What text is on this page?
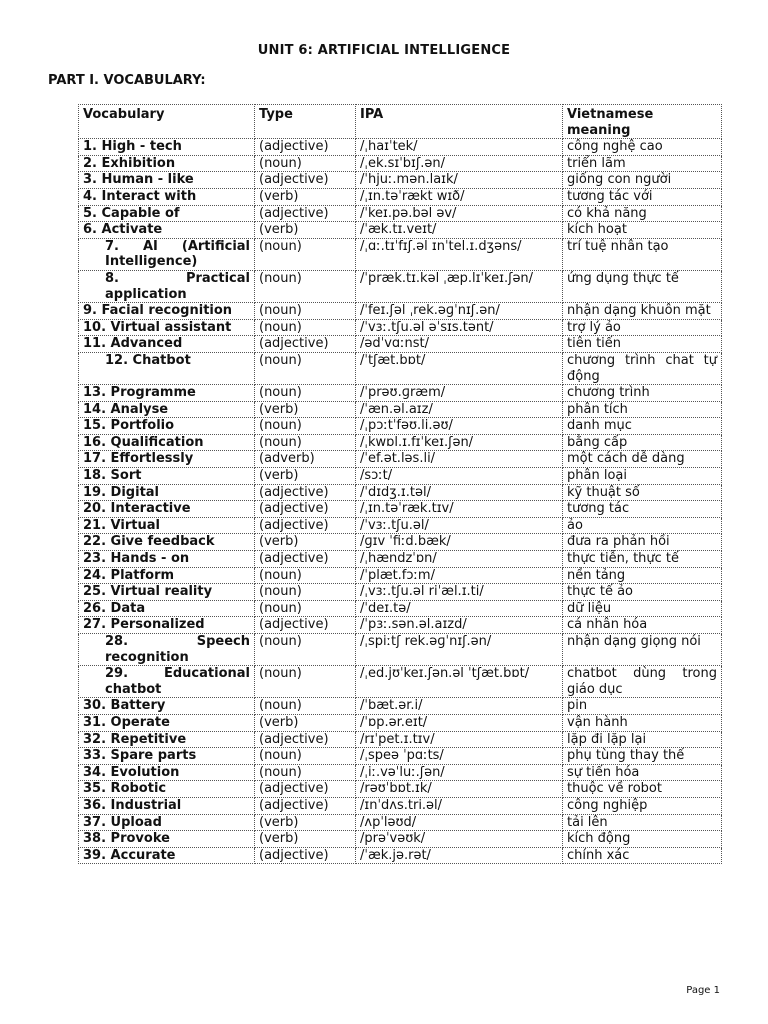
UNIT 6: ARTIFICIAL INTELLIGENCE
PART I. VOCABULARY:
Vocabulary	Type	IPA	Vietnamese meaning
1. High - tech	(adjective)	/ˌhaɪˈtek/	công nghệ cao
2. Exhibition	(noun)	/ˌek.sɪˈbɪʃ.ən/	triển lãm
3. Human - like	(adjective)	/ˈhjuː.mən.laɪk/	giống con người
4. Interact with	(verb)	/ˌɪn.təˈrækt wɪð/	tương tác với
5. Capable of	(adjective)	/ˈkeɪ.pə.bəl əv/	có khả năng
6. Activate	(verb)	/ˈæk.tɪ.veɪt/	kích hoạt
7. AI (Artificial Intelligence)	(noun)	/ˌɑː.tɪˈfɪʃ.əl ɪnˈtel.ɪ.dʒəns/	trí tuệ nhân tạo
8. Practical application	(noun)	/ˈpræk.tɪ.kəl ˌæp.lɪˈkeɪ.ʃən/	ứng dụng thực tế
9. Facial recognition	(noun)	/ˈfeɪ.ʃəl ˌrek.əɡˈnɪʃ.ən/	nhận dạng khuôn mặt
10. Virtual assistant	(noun)	/ˈvɜː.tʃu.əl əˈsɪs.tənt/	trợ lý ảo
11. Advanced	(adjective)	/ədˈvɑːnst/	tiên tiến
12. Chatbot	(noun)	/ˈtʃæt.bɒt/	chương trình chat tự động
13. Programme	(noun)	/ˈprəʊ.ɡræm/	chương trình
14. Analyse	(verb)	/ˈæn.əl.aɪz/	phân tích
15. Portfolio	(noun)	/ˌpɔːtˈfəʊ.li.əʊ/	danh mục
16. Qualification	(noun)	/ˌkwɒl.ɪ.fɪˈkeɪ.ʃən/	bằng cấp
17. Effortlessly	(adverb)	/ˈef.ət.ləs.li/	một cách dễ dàng
18. Sort	(verb)	/sɔːt/	phân loại
19. Digital	(adjective)	/ˈdɪdʒ.ɪ.təl/	kỹ thuật số
20. Interactive	(adjective)	/ˌɪn.təˈræk.tɪv/	tương tác
21. Virtual	(adjective)	/ˈvɜː.tʃu.əl/	ảo
22. Give feedback	(verb)	/ɡɪv ˈfiːd.bæk/	đưa ra phản hồi
23. Hands - on	(adjective)	/ˌhændzˈɒn/	thực tiễn, thực tế
24. Platform	(noun)	/ˈplæt.fɔːm/	nền tảng
25. Virtual reality	(noun)	/ˌvɜː.tʃu.əl riˈæl.ɪ.ti/	thực tế ảo
26. Data	(noun)	/ˈdeɪ.tə/	dữ liệu
27. Personalized	(adjective)	/ˈpɜː.sən.əl.aɪzd/	cá nhân hóa
28. Speech recognition	(noun)	/ˌspiːtʃ rek.əɡˈnɪʃ.ən/	nhận dạng giọng nói
29. Educational chatbot	(noun)	/ˌed.jʊˈkeɪ.ʃən.əl ˈtʃæt.bɒt/	chatbot dùng trong giáo dục
30. Battery	(noun)	/ˈbæt.ər.i/	pin
31. Operate	(verb)	/ˈɒp.ər.eɪt/	vận hành
32. Repetitive	(adjective)	/rɪˈpet.ɪ.tɪv/	lặp đi lặp lại
33. Spare parts	(noun)	/ˌspeə ˈpɑːts/	phụ tùng thay thế
34. Evolution	(noun)	/ˌiː.vəˈluː.ʃən/	sự tiến hóa
35. Robotic	(adjective)	/rəʊˈbɒt.ɪk/	thuộc về robot
36. Industrial	(adjective)	/ɪnˈdʌs.tri.əl/	công nghiệp
37. Upload	(verb)	/ʌpˈləʊd/	tải lên
38. Provoke	(verb)	/prəˈvəʊk/	kích động
39. Accurate	(adjective)	/ˈæk.jə.rət/	chính xác
Page 1
